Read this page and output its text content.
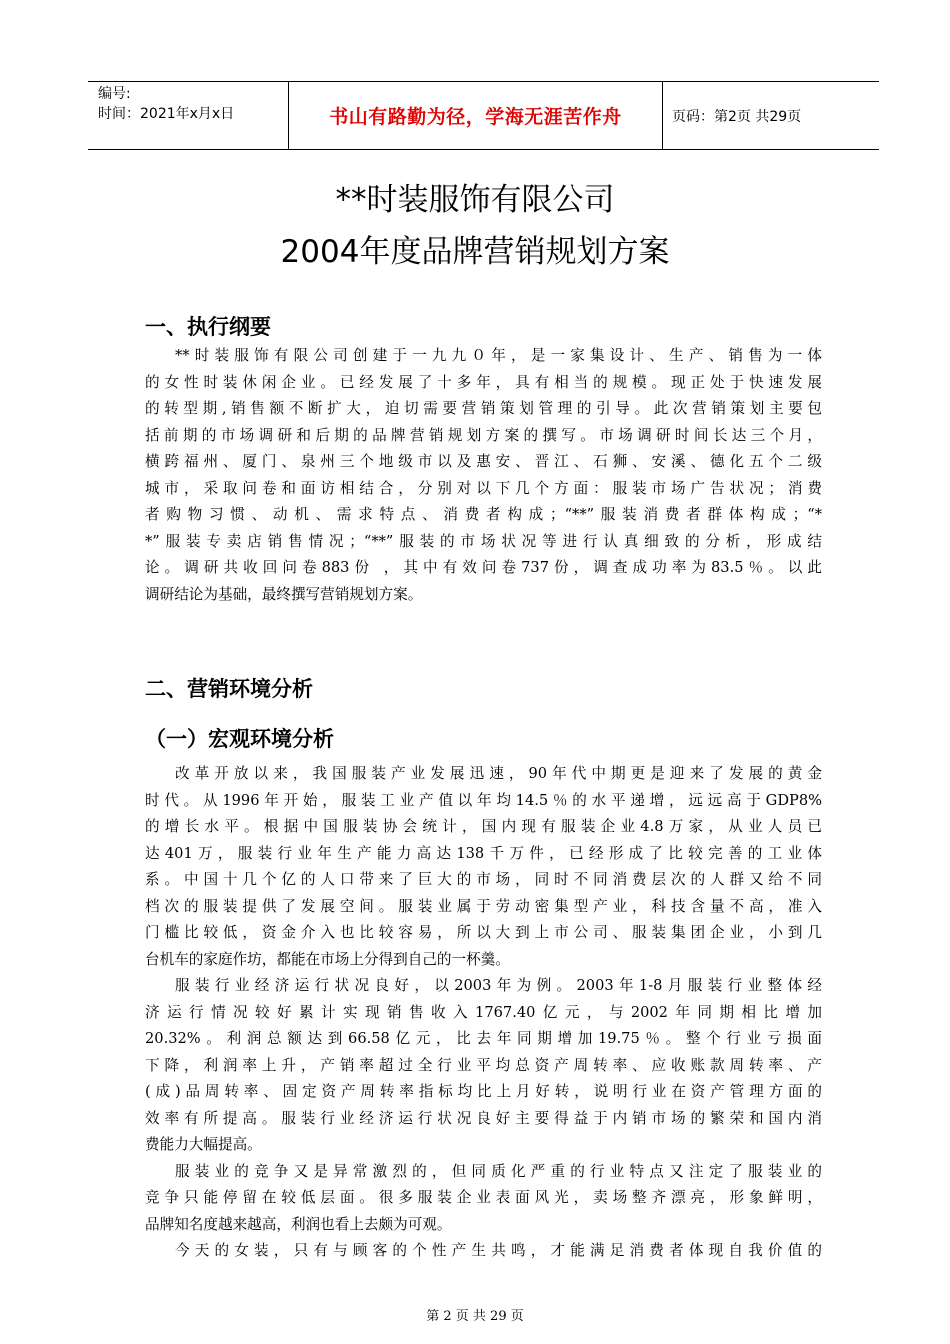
编号:
时间：2021年x月x日	书山有路勤为径，学海无涯苦作舟	页码：第2页 共29页
**时装服饰有限公司
2004年度品牌营销规划方案
一、执行纲要
**时装服饰有限公司创建于一九九０年，是一家集设计、生产、销售为一体
的女性时装休闲企业。已经发展了十多年，具有相当的规模。现正处于快速发展
的转型期,销售额不断扩大，迫切需要营销策划管理的引导。此次营销策划主要包
括前期的市场调研和后期的品牌营销规划方案的撰写。市场调研时间长达三个月，
横跨福州、厦门、泉州三个地级市以及惠安、晋江、石狮、安溪、德化五个二级
城市，采取问卷和面访相结合，分别对以下几个方面：服装市场广告状况；消费
者购物习惯、动机、需求特点、消费者构成；“**”服装消费者群体构成；“*
*”服装专卖店销售情况；“**”服装的市场状况等进行认真细致的分析，形成结
论。调研共收回问卷883份 ，其中有效问卷737份，调查成功率为83.5％。以此
调研结论为基础，最终撰写营销规划方案。
二、营销环境分析
（一）宏观环境分析
改革开放以来，我国服装产业发展迅速，90年代中期更是迎来了发展的黄金
时代。从1996年开始，服装工业产值以年均14.5％的水平递增，远远高于GDP8%
的增长水平。根据中国服装协会统计，国内现有服装企业4.8万家，从业人员已
达401万，服装行业年生产能力高达138千万件，已经形成了比较完善的工业体
系。中国十几个亿的人口带来了巨大的市场，同时不同消费层次的人群又给不同
档次的服装提供了发展空间。服装业属于劳动密集型产业，科技含量不高，准入
门槛比较低，资金介入也比较容易，所以大到上市公司、服装集团企业，小到几
台机车的家庭作坊，都能在市场上分得到自己的一杯羹。
服装行业经济运行状况良好，以2003年为例。2003年1-8月服装行业整体经
济运行情况较好累计实现销售收入1767.40亿元，与2002年同期相比增加
20.32%。利润总额达到66.58亿元，比去年同期增加19.75％。整个行业亏损面
下降，利润率上升，产销率超过全行业平均总资产周转率、应收账款周转率、产
(成)品周转率、固定资产周转率指标均比上月好转，说明行业在资产管理方面的
效率有所提高。服装行业经济运行状况良好主要得益于内销市场的繁荣和国内消
费能力大幅提高。
服装业的竞争又是异常激烈的，但同质化严重的行业特点又注定了服装业的
竞争只能停留在较低层面。很多服装企业表面风光，卖场整齐漂亮，形象鲜明，
品牌知名度越来越高，利润也看上去颇为可观。
今天的女装，只有与顾客的个性产生共鸣，才能满足消费者体现自我价值的
第 2 页 共 29 页
